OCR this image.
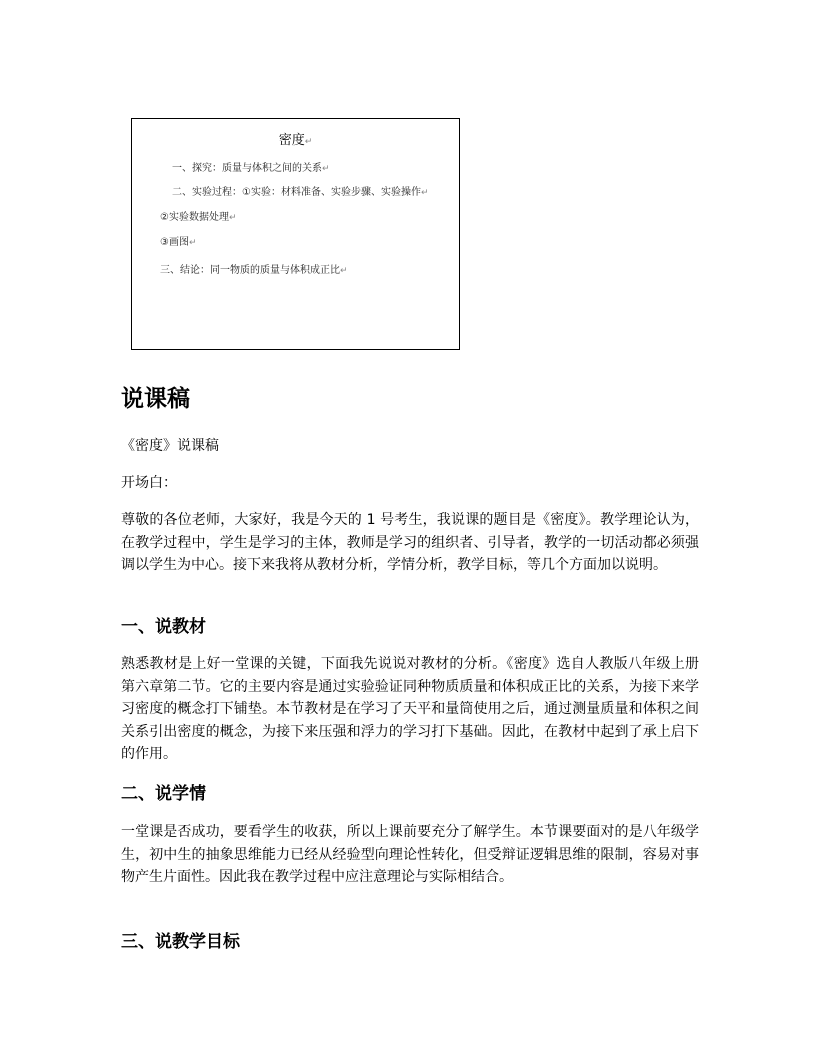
密度↵
一、探究：质量与体积之间的关系↵
二、实验过程：①实验：材料准备、实验步骤、实验操作↵
②实验数据处理↵
③画图↵
三、结论：同一物质的质量与体积成正比↵
说课稿
《密度》说课稿
开场白：
尊敬的各位老师，大家好，我是今天的 1 号考生，我说课的题目是《密度》。教学理论认为，在教学过程中，学生是学习的主体，教师是学习的组织者、引导者，教学的一切活动都必须强调以学生为中心。接下来我将从教材分析，学情分析，教学目标，等几个方面加以说明。
一、说教材
熟悉教材是上好一堂课的关键，下面我先说说对教材的分析。《密度》选自人教版八年级上册第六章第二节。它的主要内容是通过实验验证同种物质质量和体积成正比的关系，为接下来学习密度的概念打下铺垫。本节教材是在学习了天平和量筒使用之后，通过测量质量和体积之间关系引出密度的概念，为接下来压强和浮力的学习打下基础。因此，在教材中起到了承上启下的作用。
二、说学情
一堂课是否成功，要看学生的收获，所以上课前要充分了解学生。本节课要面对的是八年级学生，初中生的抽象思维能力已经从经验型向理论性转化，但受辩证逻辑思维的限制，容易对事物产生片面性。因此我在教学过程中应注意理论与实际相结合。
三、说教学目标
